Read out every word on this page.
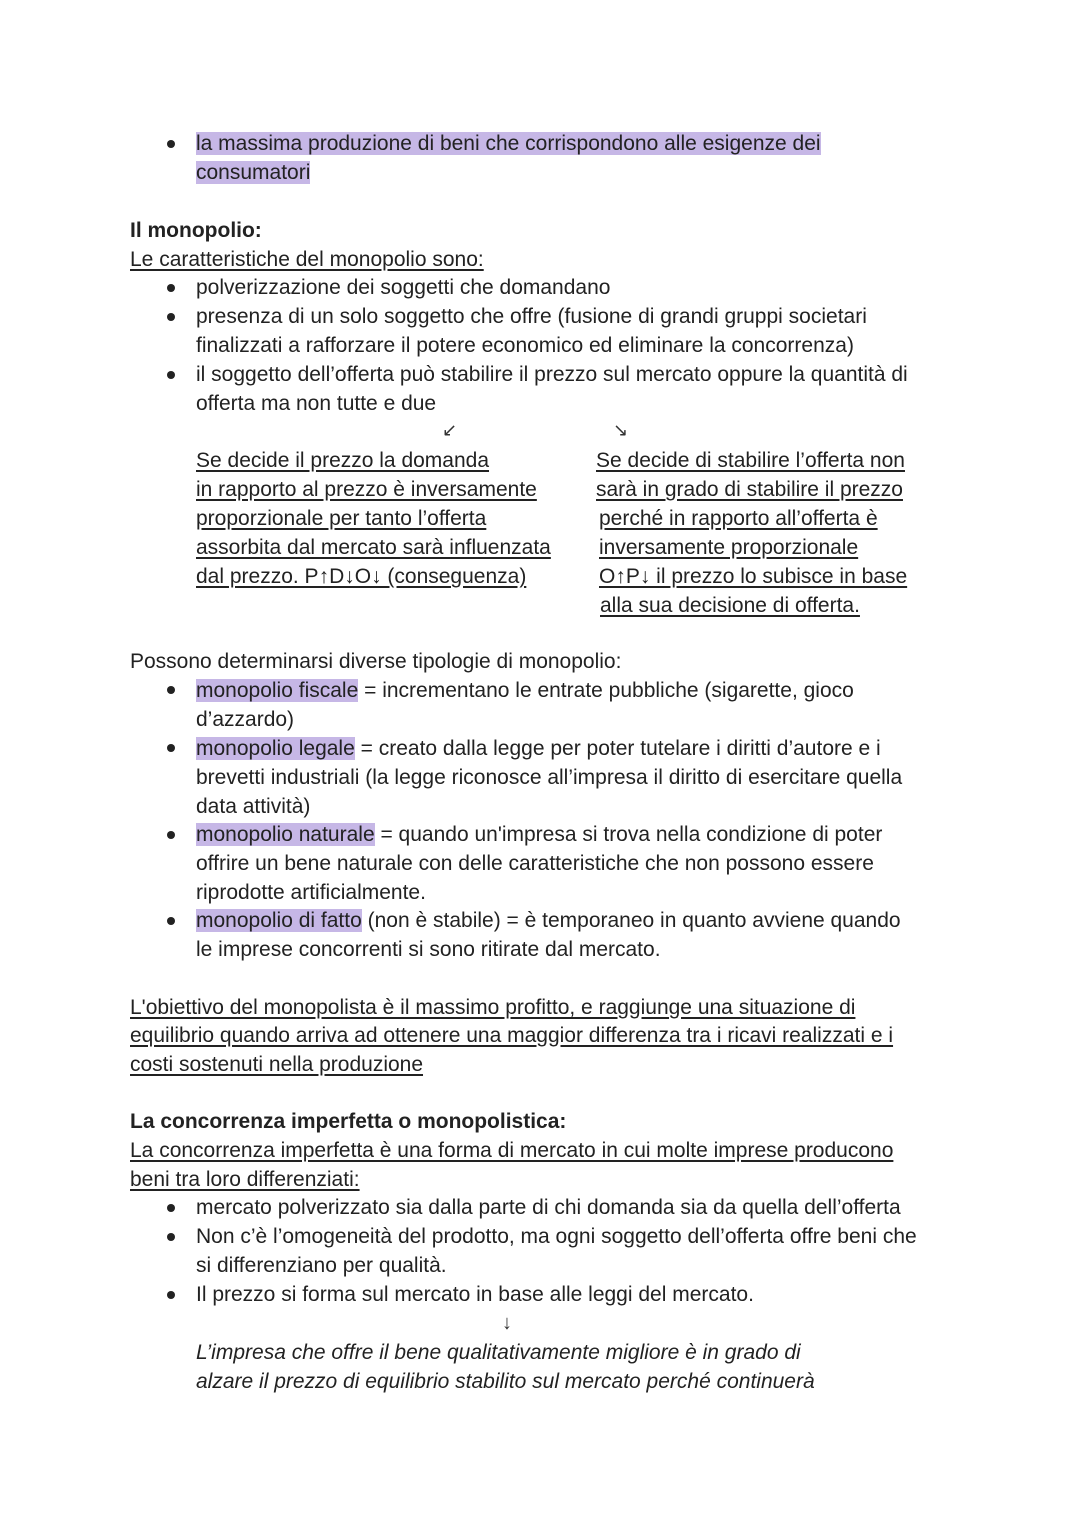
la massima produzione di beni che corrispondono alle esigenze dei
consumatori
Il monopolio:
Le caratteristiche del monopolio sono:
polverizzazione dei soggetti che domandano
presenza di un solo soggetto che offre (fusione di grandi gruppi societari
finalizzati a rafforzare il potere economico ed eliminare la concorrenza)
il soggetto dell’offerta può stabilire il prezzo sul mercato oppure la quantità di
offerta ma non tutte e due
↙	↘
Se decide il prezzo la domanda
in rapporto al prezzo è inversamente
proporzionale per tanto l’offerta
assorbita dal mercato sarà influenzata
dal prezzo. P↑D↓O↓ (conseguenza)
Se decide di stabilire l’offerta non
sarà in grado di stabilire il prezzo
perché in rapporto all’offerta è
inversamente proporzionale
O↑P↓ il prezzo lo subisce in base
alla sua decisione di offerta.
Possono determinarsi diverse tipologie di monopolio:
monopolio fiscale = incrementano le entrate pubbliche (sigarette, gioco
d’azzardo)
monopolio legale = creato dalla legge per poter tutelare i diritti d’autore e i
brevetti industriali (la legge riconosce all’impresa il diritto di esercitare quella
data attività)
monopolio naturale = quando un'impresa si trova nella condizione di poter
offrire un bene naturale con delle caratteristiche che non possono essere
riprodotte artificialmente.
monopolio di fatto (non è stabile) = è temporaneo in quanto avviene quando
le imprese concorrenti si sono ritirate dal mercato.
L'obiettivo del monopolista è il massimo profitto, e raggiunge una situazione di
equilibrio quando arriva ad ottenere una maggior differenza tra i ricavi realizzati e i
costi sostenuti nella produzione
La concorrenza imperfetta o monopolistica:
La concorrenza imperfetta è una forma di mercato in cui molte imprese producono
beni tra loro differenziati:
mercato polverizzato sia dalla parte di chi domanda sia da quella dell’offerta
Non c’è l’omogeneità del prodotto, ma ogni soggetto dell’offerta offre beni che
si differenziano per qualità.
Il prezzo si forma sul mercato in base alle leggi del mercato.
↓
L’impresa che offre il bene qualitativamente migliore è in grado di
alzare il prezzo di equilibrio stabilito sul mercato perché continuerà
